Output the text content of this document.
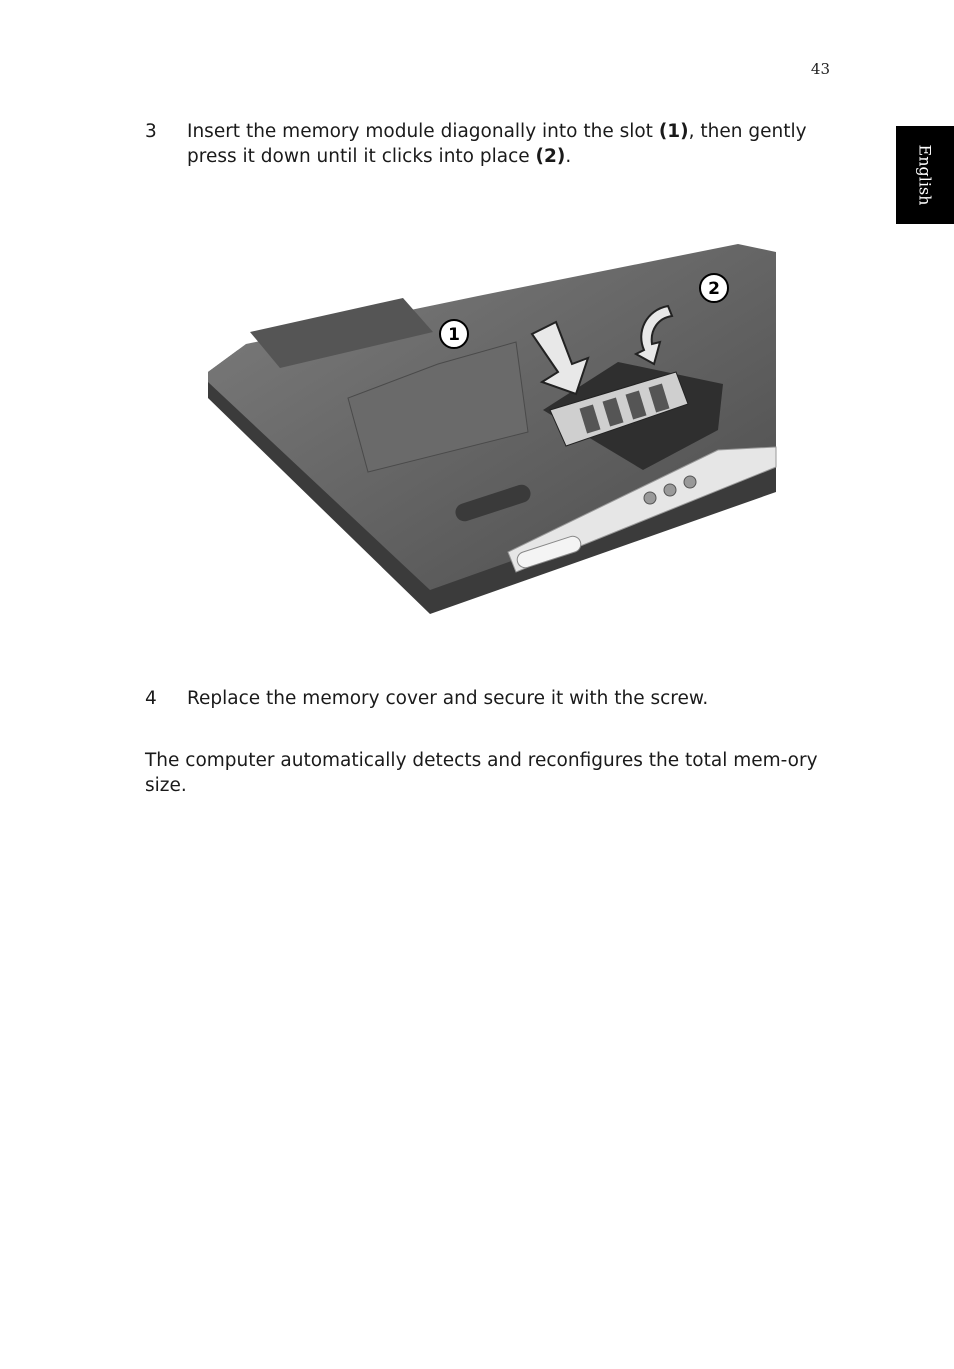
43
English
3 Insert the memory module diagonally into the slot (1), then gently press it down until it clicks into place (2).
1
2
4 Replace the memory cover and secure it with the screw.
The computer automatically detects and reconfigures the total mem-ory size.
